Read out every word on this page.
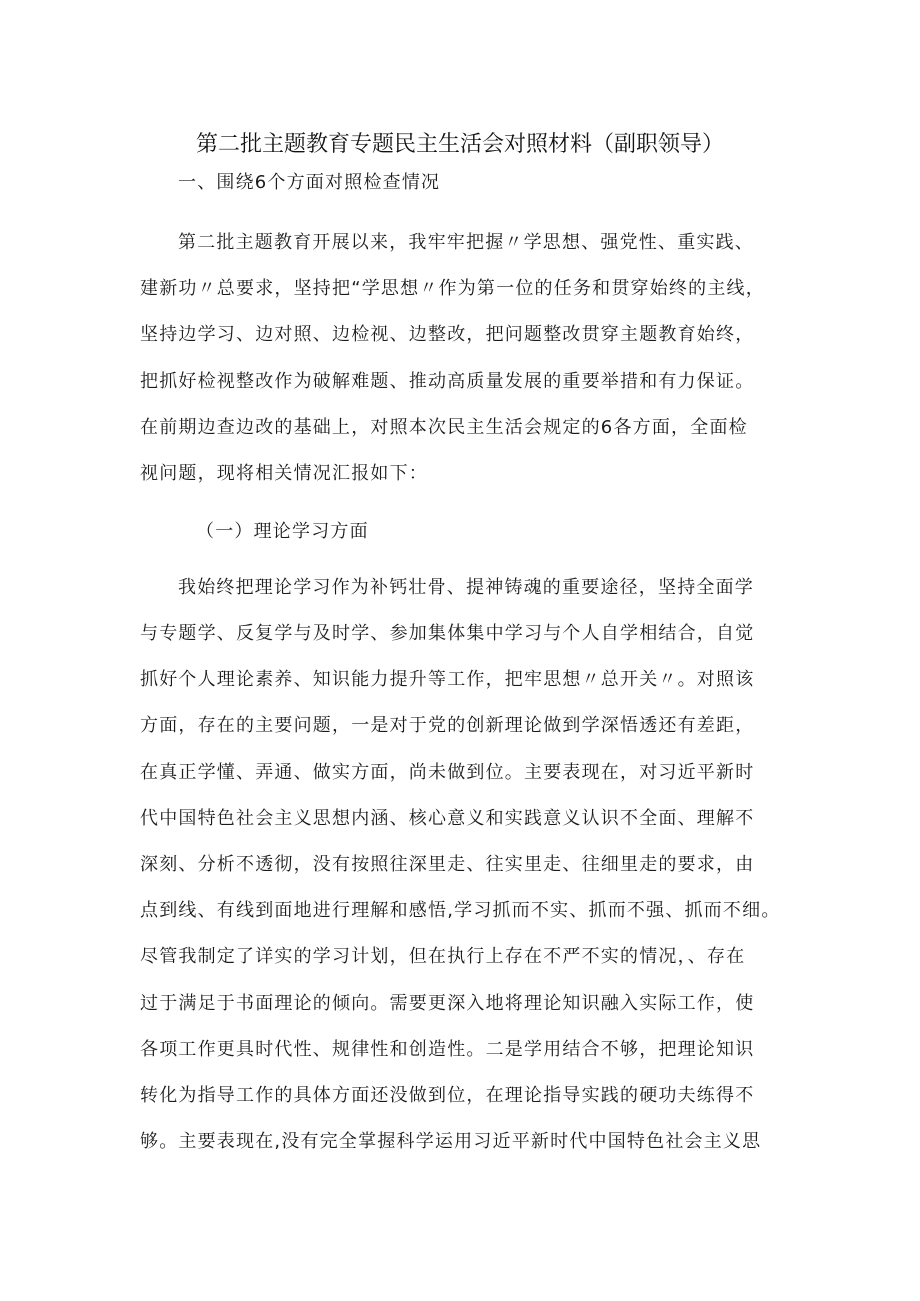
第二批主题教育专题民主生活会对照材料（副职领导）
一、围绕6个方面对照检查情况
第二批主题教育开展以来，我牢牢把握〃学思想、强党性、重实践、
建新功〃总要求，坚持把“学思想〃作为第一位的任务和贯穿始终的主线，
坚持边学习、边对照、边检视、边整改，把问题整改贯穿主题教育始终，
把抓好检视整改作为破解难题、推动高质量发展的重要举措和有力保证。
在前期边查边改的基础上，对照本次民主生活会规定的6各方面，全面检
视问题，现将相关情况汇报如下：
（一）理论学习方面
我始终把理论学习作为补钙壮骨、提神铸魂的重要途径，坚持全面学
与专题学、反复学与及时学、参加集体集中学习与个人自学相结合，自觉
抓好个人理论素养、知识能力提升等工作，把牢思想〃总开关〃。对照该
方面，存在的主要问题，一是对于党的创新理论做到学深悟透还有差距，
在真正学懂、弄通、做实方面，尚未做到位。主要表现在，对习近平新时
代中国特色社会主义思想内涵、核心意义和实践意义认识不全面、理解不
深刻、分析不透彻，没有按照往深里走、往实里走、往细里走的要求，由
点到线、有线到面地进行理解和感悟,学习抓而不实、抓而不强、抓而不细。
尽管我制定了详实的学习计划，但在执行上存在不严不实的情况，、存在
过于满足于书面理论的倾向。需要更深入地将理论知识融入实际工作，使
各项工作更具时代性、规律性和创造性。二是学用结合不够，把理论知识
转化为指导工作的具体方面还没做到位，在理论指导实践的硬功夫练得不
够。主要表现在,没有完全掌握科学运用习近平新时代中国特色社会主义思
